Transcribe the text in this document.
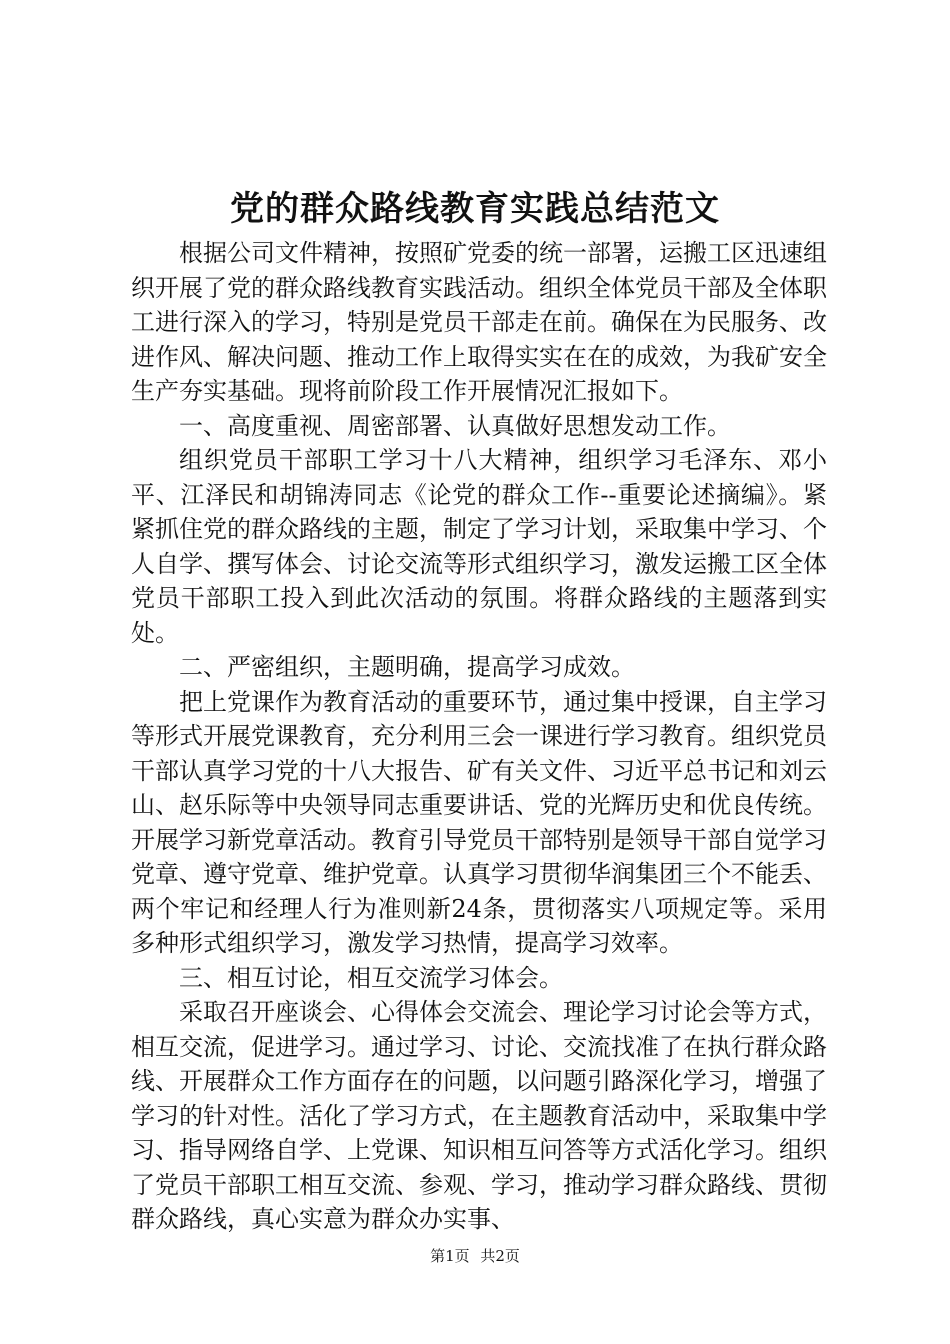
党的群众路线教育实践总结范文

根据公司文件精神，按照矿党委的统一部署，运搬工区迅速组织开展了党的群众路线教育实践活动。组织全体党员干部及全体职工进行深入的学习，特别是党员干部走在前。确保在为民服务、改进作风、解决问题、推动工作上取得实实在在的成效，为我矿安全生产夯实基础。现将前阶段工作开展情况汇报如下。

一、高度重视、周密部署、认真做好思想发动工作。

组织党员干部职工学习十八大精神，组织学习毛泽东、邓小平、江泽民和胡锦涛同志《论党的群众工作--重要论述摘编》。紧紧抓住党的群众路线的主题，制定了学习计划，采取集中学习、个人自学、撰写体会、讨论交流等形式组织学习，激发运搬工区全体党员干部职工投入到此次活动的氛围。将群众路线的主题落到实处。

二、严密组织，主题明确，提高学习成效。

把上党课作为教育活动的重要环节，通过集中授课，自主学习等形式开展党课教育，充分利用三会一课进行学习教育。组织党员干部认真学习党的十八大报告、矿有关文件、习近平总书记和刘云山、赵乐际等中央领导同志重要讲话、党的光辉历史和优良传统。开展学习新党章活动。教育引导党员干部特别是领导干部自觉学习党章、遵守党章、维护党章。认真学习贯彻华润集团三个不能丢、两个牢记和经理人行为准则新24条，贯彻落实八项规定等。采用多种形式组织学习，激发学习热情，提高学习效率。

三、相互讨论，相互交流学习体会。

采取召开座谈会、心得体会交流会、理论学习讨论会等方式，相互交流，促进学习。通过学习、讨论、交流找准了在执行群众路线、开展群众工作方面存在的问题，以问题引路深化学习，增强了学习的针对性。活化了学习方式，在主题教育活动中，采取集中学习、指导网络自学、上党课、知识相互问答等方式活化学习。组织了党员干部职工相互交流、参观、学习，推动学习群众路线、贯彻群众路线，真心实意为群众办实事、

第1页 共2页
